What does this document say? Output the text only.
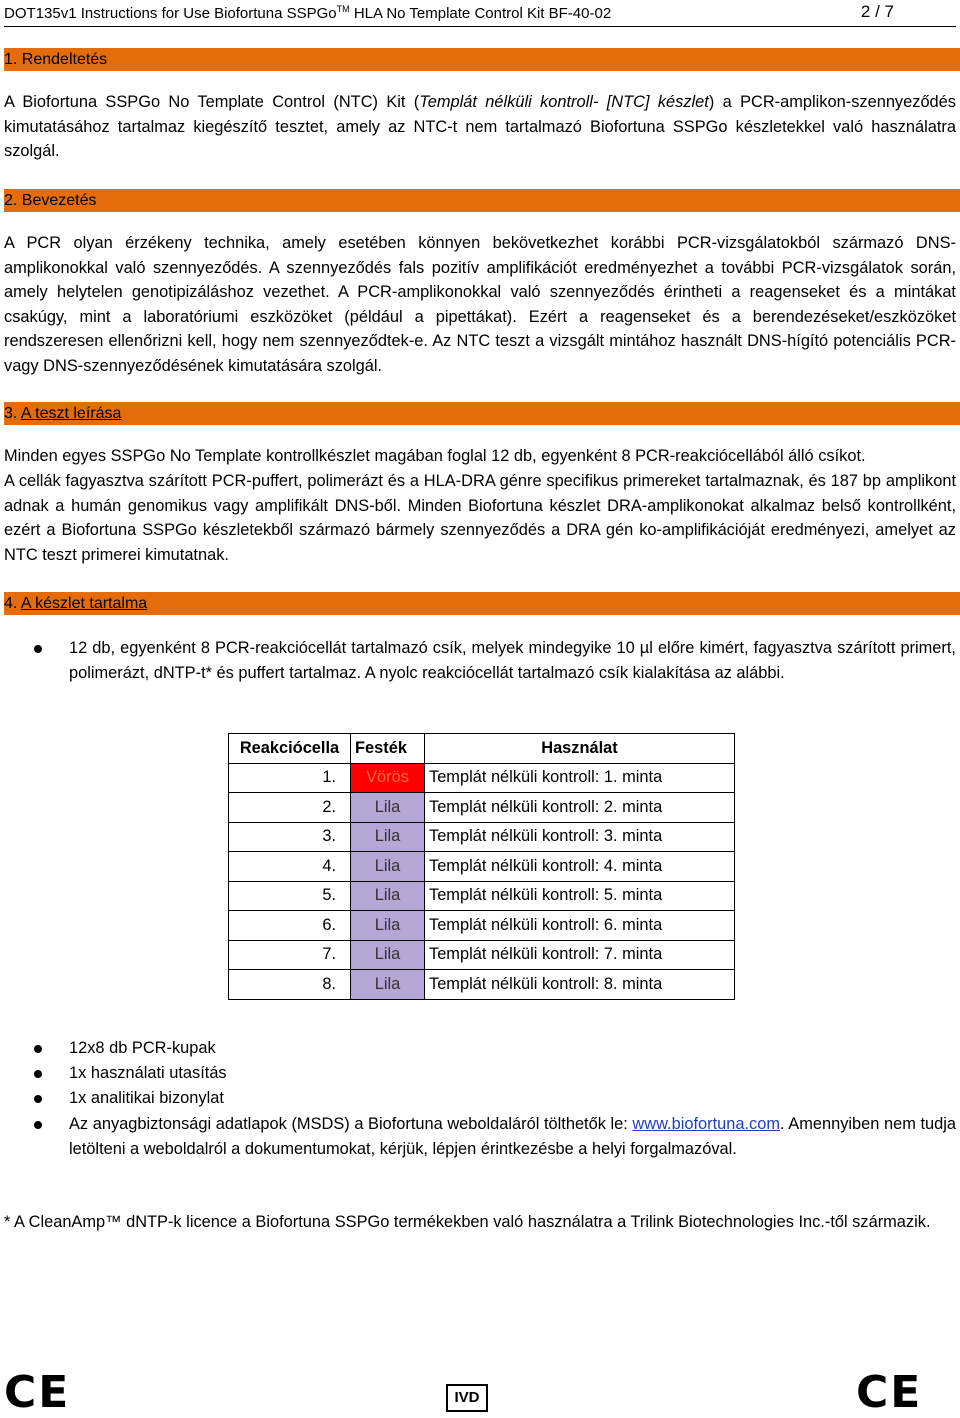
DOT135v1 Instructions for Use Biofortuna SSPGo™ HLA No Template Control Kit BF-40-02	2 / 7
1. Rendeltetés
A Biofortuna SSPGo No Template Control (NTC) Kit (Templát nélküli kontroll- [NTC] készlet) a PCR-amplikon-szennyeződés kimutatásához tartalmaz kiegészítő tesztet, amely az NTC-t nem tartalmazó Biofortuna SSPGo készletekkel való használatra szolgál.
2. Bevezetés
A PCR olyan érzékeny technika, amely esetében könnyen bekövetkezhet korábbi PCR-vizsgálatokból származó DNS-amplikonokkal való szennyeződés. A szennyeződés fals pozitív amplifikációt eredményezhet a további PCR-vizsgálatok során, amely helytelen genotipizáláshoz vezethet. A PCR-amplikonokkal való szennyeződés érintheti a reagenseket és a mintákat csakúgy, mint a laboratóriumi eszközöket (például a pipettákat). Ezért a reagenseket és a berendezéseket/eszközöket rendszeresen ellenőrizni kell, hogy nem szennyeződtek-e. Az NTC teszt a vizsgált mintához használt DNS-hígító potenciális PCR- vagy DNS-szennyeződésének kimutatására szolgál.
3. A teszt leírása
Minden egyes SSPGo No Template kontrollkészlet magában foglal 12 db, egyenként 8 PCR-reakciócellából álló csíkot.
A cellák fagyasztva szárított PCR-puffert, polimerázt és a HLA-DRA génre specifikus primereket tartalmaznak, és 187 bp amplikont adnak a humán genomikus vagy amplifikált DNS-ből. Minden Biofortuna készlet DRA-amplikonokat alkalmaz belső kontrollként, ezért a Biofortuna SSPGo készletekből származó bármely szennyeződés a DRA gén ko-amplifikációját eredményezi, amelyet az NTC teszt primerei kimutatnak.
4. A készlet tartalma
12 db, egyenként 8 PCR-reakciócellát tartalmazó csík, melyek mindegyike 10 µl előre kimért, fagyasztva szárított primert, polimerázt, dNTP-t* és puffert tartalmaz. A nyolc reakciócellát tartalmazó csík kialakítása az alábbi.
Reakciócella	Festék	Használat
1.	Vörös	Templát nélküli kontroll: 1. minta
2.	Lila	Templát nélküli kontroll: 2. minta
3.	Lila	Templát nélküli kontroll: 3. minta
4.	Lila	Templát nélküli kontroll: 4. minta
5.	Lila	Templát nélküli kontroll: 5. minta
6.	Lila	Templát nélküli kontroll: 6. minta
7.	Lila	Templát nélküli kontroll: 7. minta
8.	Lila	Templát nélküli kontroll: 8. minta
12x8 db PCR-kupak
1x használati utasítás
1x analitikai bizonylat
Az anyagbiztonsági adatlapok (MSDS) a Biofortuna weboldaláról tölthetők le: www.biofortuna.com. Amennyiben nem tudja letölteni a weboldalról a dokumentumokat, kérjük, lépjen érintkezésbe a helyi forgalmazóval.
* A CleanAmp™ dNTP-k licence a Biofortuna SSPGo termékekben való használatra a Trilink Biotechnologies Inc.-től származik.
CE	IVD	CE
